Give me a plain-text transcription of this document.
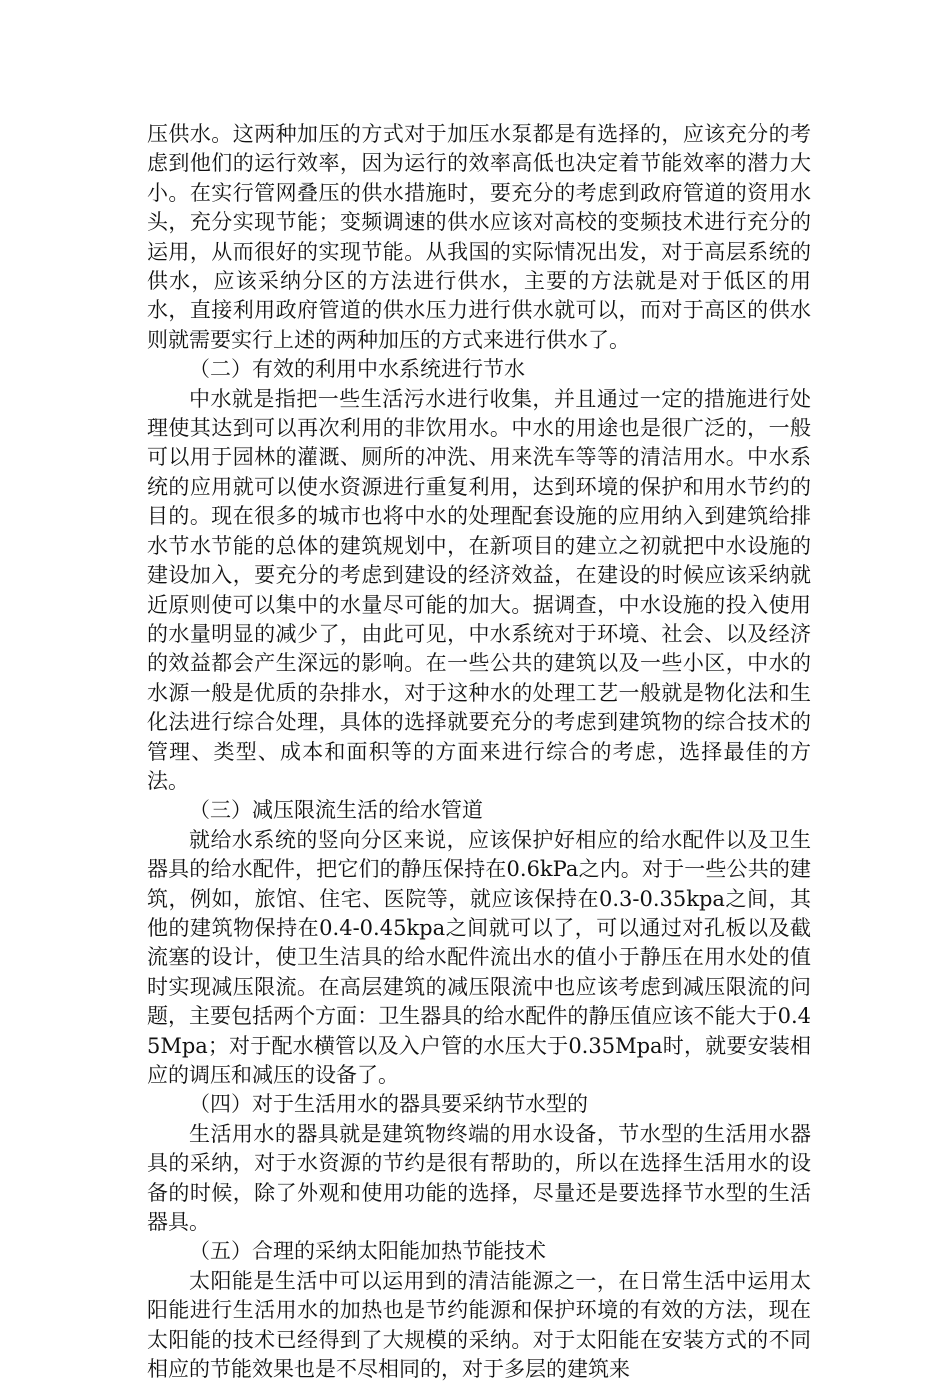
压供水。这两种加压的方式对于加压水泵都是有选择的，应该充分的考虑到他们的运行效率，因为运行的效率高低也决定着节能效率的潜力大小。在实行管网叠压的供水措施时，要充分的考虑到政府管道的资用水头，充分实现节能；变频调速的供水应该对高校的变频技术进行充分的运用，从而很好的实现节能。从我国的实际情况出发，对于高层系统的供水，应该采纳分区的方法进行供水，主要的方法就是对于低区的用水，直接利用政府管道的供水压力进行供水就可以，而对于高区的供水则就需要实行上述的两种加压的方式来进行供水了。

（二）有效的利用中水系统进行节水

中水就是指把一些生活污水进行收集，并且通过一定的措施进行处理使其达到可以再次利用的非饮用水。中水的用途也是很广泛的，一般可以用于园林的灌溉、厕所的冲洗、用来洗车等等的清洁用水。中水系统的应用就可以使水资源进行重复利用，达到环境的保护和用水节约的目的。现在很多的城市也将中水的处理配套设施的应用纳入到建筑给排水节水节能的总体的建筑规划中，在新项目的建立之初就把中水设施的建设加入，要充分的考虑到建设的经济效益，在建设的时候应该采纳就近原则使可以集中的水量尽可能的加大。据调查，中水设施的投入使用的水量明显的减少了，由此可见，中水系统对于环境、社会、以及经济的效益都会产生深远的影响。在一些公共的建筑以及一些小区，中水的水源一般是优质的杂排水，对于这种水的处理工艺一般就是物化法和生化法进行综合处理，具体的选择就要充分的考虑到建筑物的综合技术的管理、类型、成本和面积等的方面来进行综合的考虑，选择最佳的方法。

（三）减压限流生活的给水管道

就给水系统的竖向分区来说，应该保护好相应的给水配件以及卫生器具的给水配件，把它们的静压保持在0.6kPa之内。对于一些公共的建筑，例如，旅馆、住宅、医院等，就应该保持在0.3-0.35kpa之间，其他的建筑物保持在0.4-0.45kpa之间就可以了，可以通过对孔板以及截流塞的设计，使卫生洁具的给水配件流出水的值小于静压在用水处的值时实现减压限流。在高层建筑的减压限流中也应该考虑到减压限流的问题，主要包括两个方面：卫生器具的给水配件的静压值应该不能大于0.45Mpa；对于配水横管以及入户管的水压大于0.35Mpa时，就要安装相应的调压和减压的设备了。

（四）对于生活用水的器具要采纳节水型的

生活用水的器具就是建筑物终端的用水设备，节水型的生活用水器具的采纳，对于水资源的节约是很有帮助的，所以在选择生活用水的设备的时候，除了外观和使用功能的选择，尽量还是要选择节水型的生活器具。

（五）合理的采纳太阳能加热节能技术

太阳能是生活中可以运用到的清洁能源之一，在日常生活中运用太阳能进行生活用水的加热也是节约能源和保护环境的有效的方法，现在太阳能的技术已经得到了大规模的采纳。对于太阳能在安装方式的不同相应的节能效果也是不尽相同的，对于多层的建筑来
